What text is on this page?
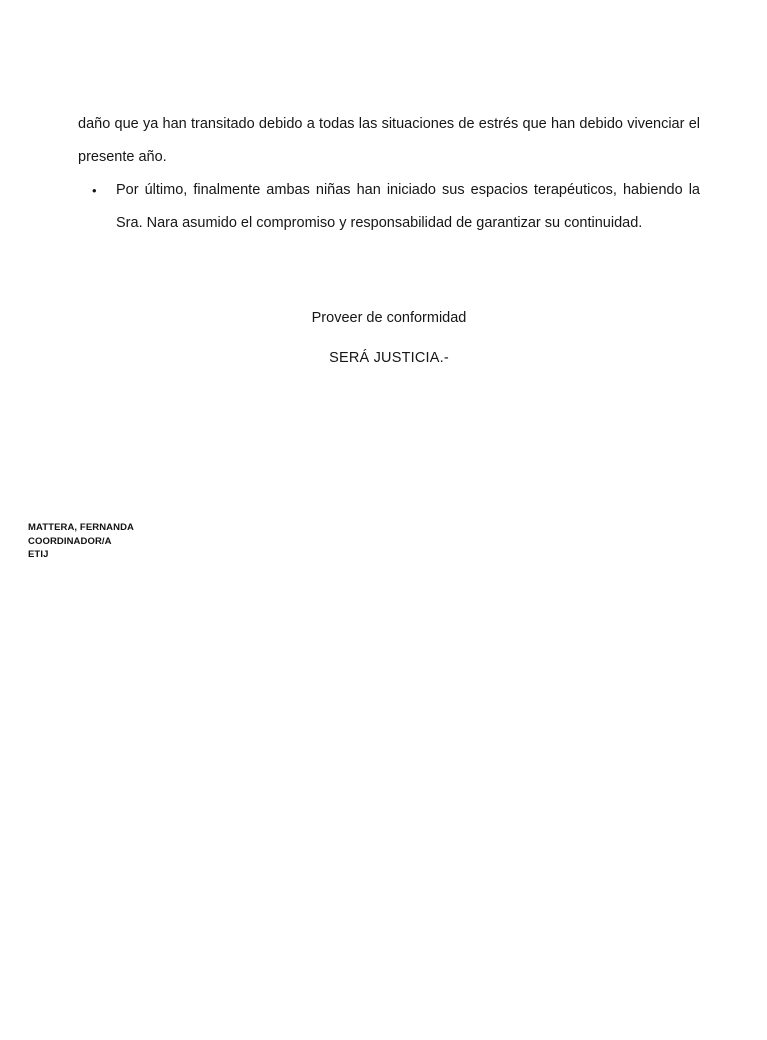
daño que ya han transitado debido a todas las situaciones de estrés que han debido vivenciar el presente año.

• Por último, finalmente ambas niñas han iniciado sus espacios terapéuticos, habiendo la Sra. Nara asumido el compromiso y responsabilidad de garantizar su continuidad.
Proveer de conformidad
SERÁ JUSTICIA.-
MATTERA, FERNANDA
COORDINADOR/A
ETIJ
